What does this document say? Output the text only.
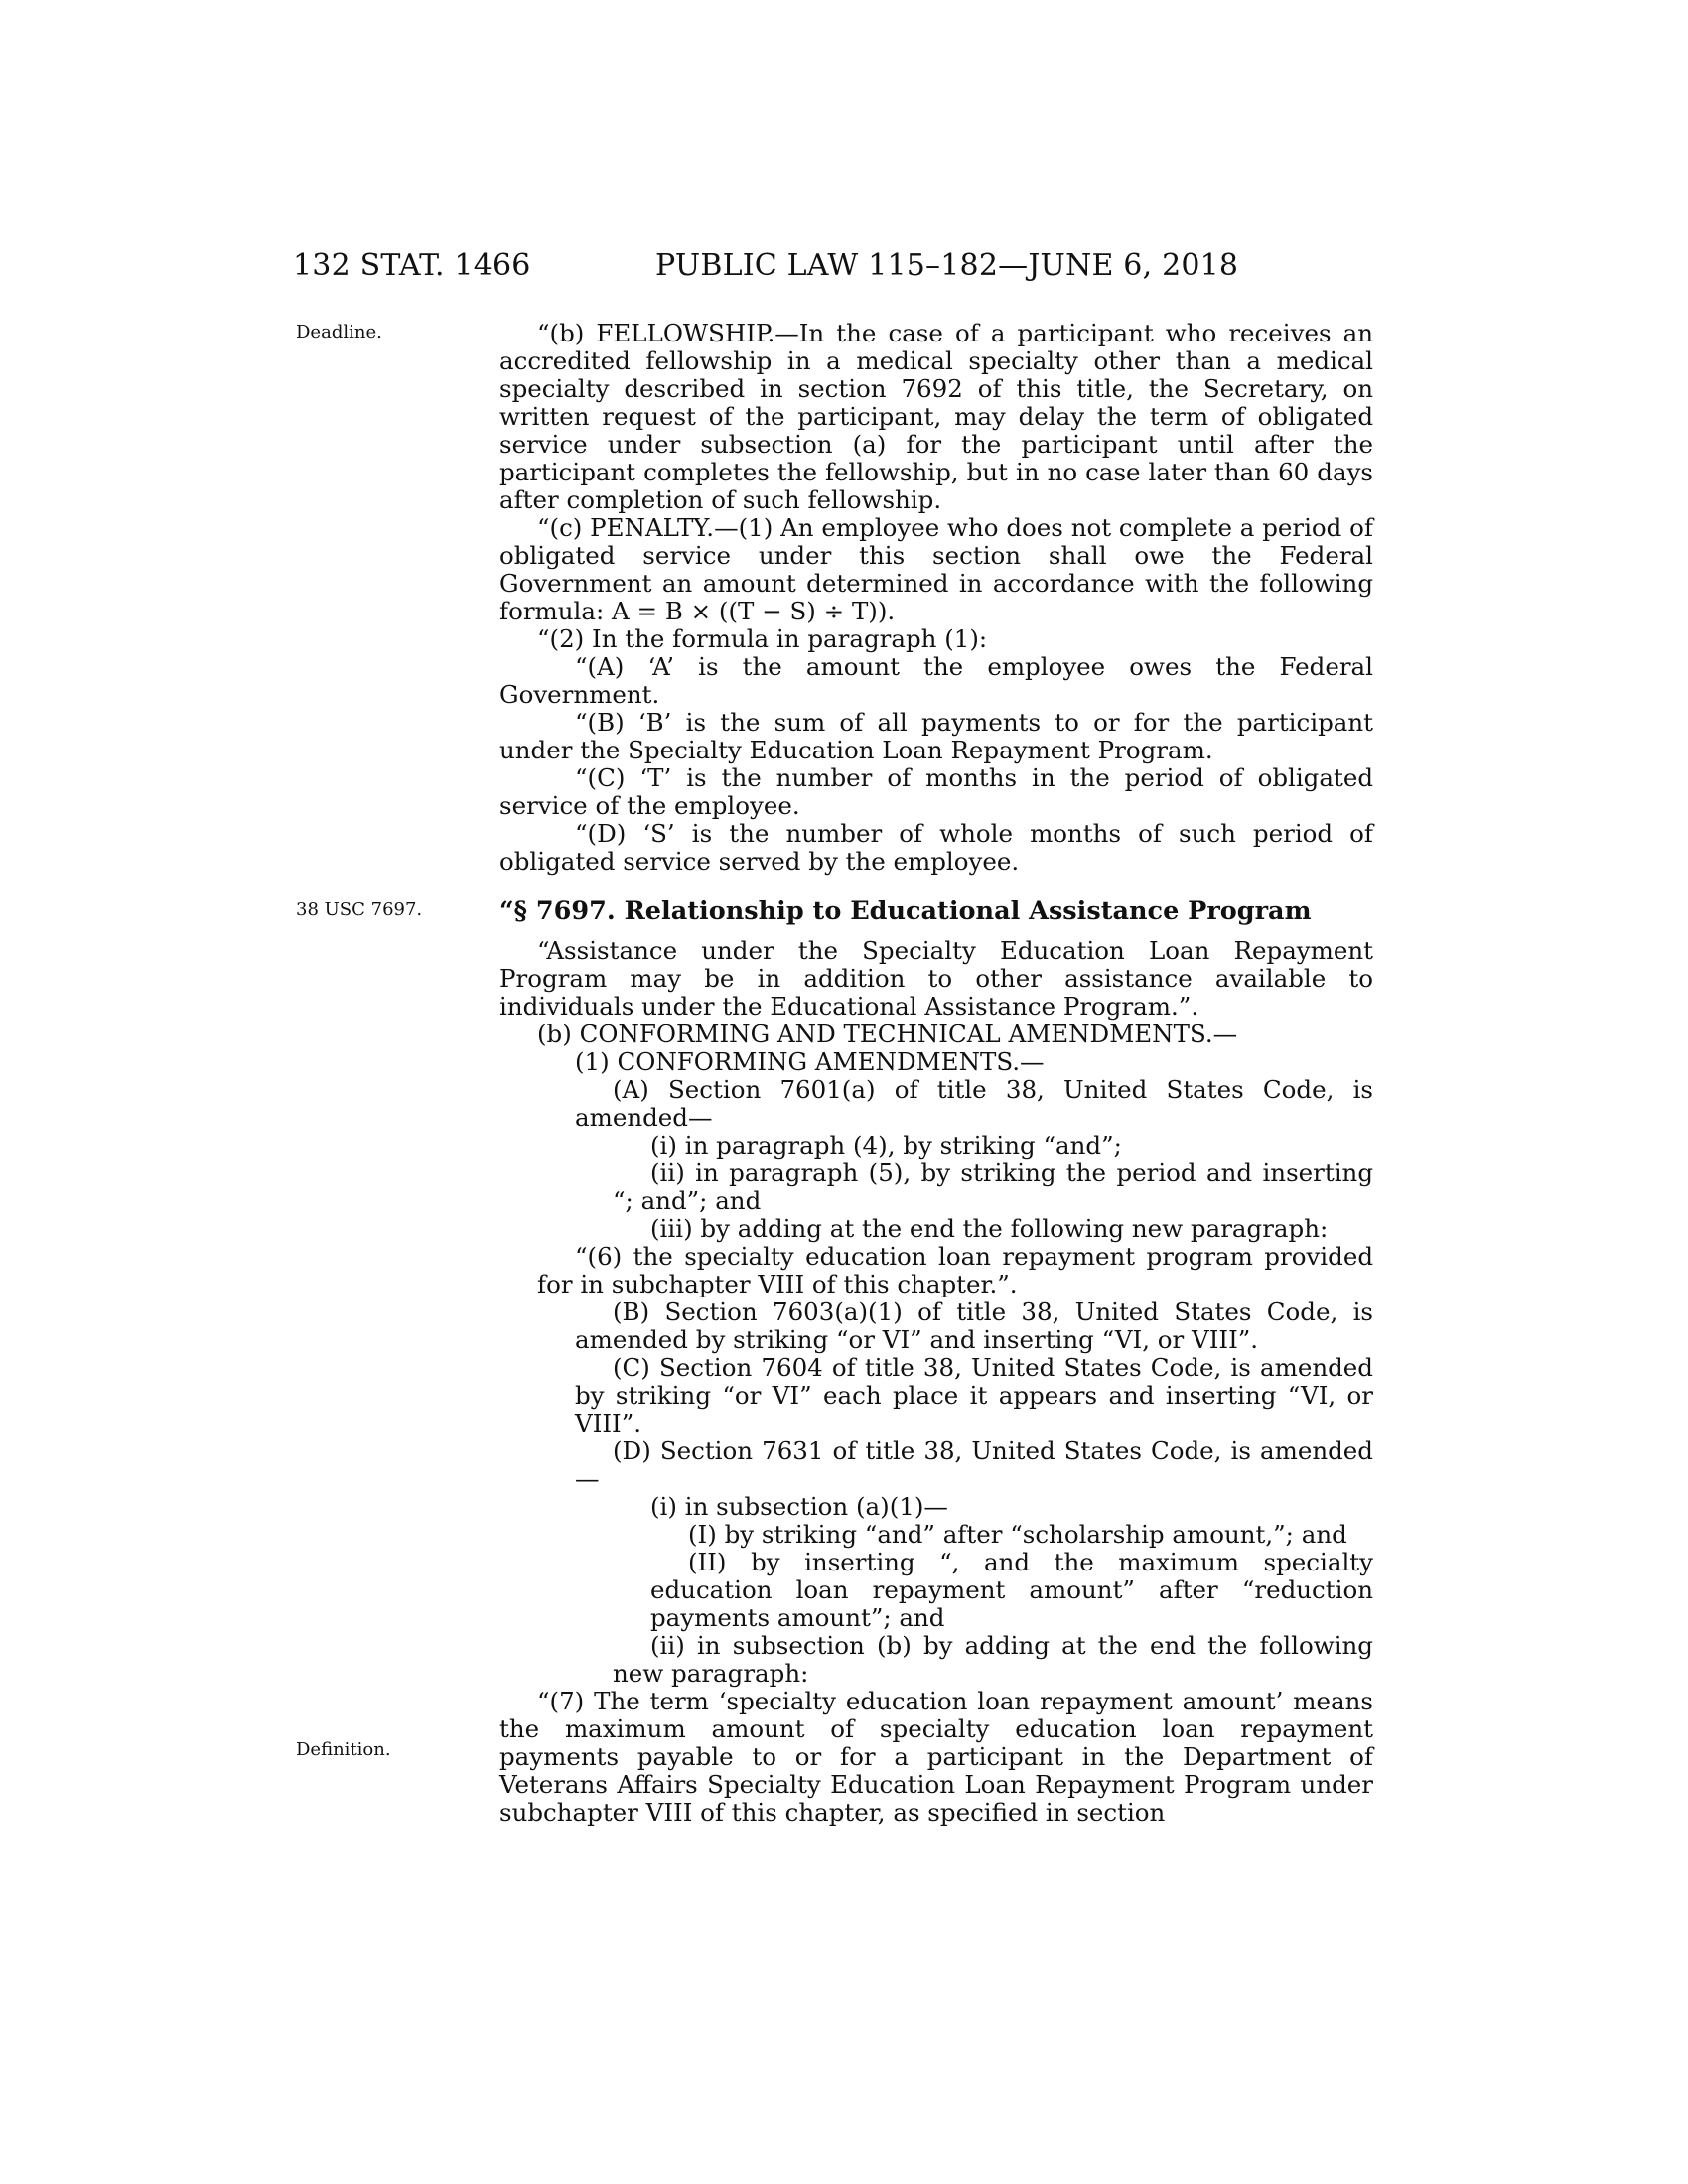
132 STAT. 1466	PUBLIC LAW 115–182—JUNE 6, 2018
Deadline.
38 USC 7697.
Definition.

“(b) FELLOWSHIP.—In the case of a participant who receives an accredited fellowship in a medical specialty other than a medical specialty described in section 7692 of this title, the Secretary, on written request of the participant, may delay the term of obligated service under subsection (a) for the participant until after the participant completes the fellowship, but in no case later than 60 days after completion of such fellowship.

“(c) PENALTY.—(1) An employee who does not complete a period of obligated service under this section shall owe the Federal Government an amount determined in accordance with the following formula: A = B × ((T − S) ÷ T)).

“(2) In the formula in paragraph (1):

“(A) ‘A’ is the amount the employee owes the Federal Government.

“(B) ‘B’ is the sum of all payments to or for the participant under the Specialty Education Loan Repayment Program.

“(C) ‘T’ is the number of months in the period of obligated service of the employee.

“(D) ‘S’ is the number of whole months of such period of obligated service served by the employee.

“§ 7697. Relationship to Educational Assistance Program

“Assistance under the Specialty Education Loan Repayment Program may be in addition to other assistance available to individuals under the Educational Assistance Program.”.

(b) CONFORMING AND TECHNICAL AMENDMENTS.—

(1) CONFORMING AMENDMENTS.—

(A) Section 7601(a) of title 38, United States Code, is amended—

(i) in paragraph (4), by striking “and”;

(ii) in paragraph (5), by striking the period and inserting “; and”; and

(iii) by adding at the end the following new paragraph:

“(6) the specialty education loan repayment program provided for in subchapter VIII of this chapter.”.

(B) Section 7603(a)(1) of title 38, United States Code, is amended by striking “or VI” and inserting “VI, or VIII”.

(C) Section 7604 of title 38, United States Code, is amended by striking “or VI” each place it appears and inserting “VI, or VIII”.

(D) Section 7631 of title 38, United States Code, is amended—

(i) in subsection (a)(1)—

(I) by striking “and” after “scholarship amount,”; and

(II) by inserting “, and the maximum specialty education loan repayment amount” after “reduction payments amount”; and

(ii) in subsection (b) by adding at the end the following new paragraph:

“(7) The term ‘specialty education loan repayment amount’ means the maximum amount of specialty education loan repayment payments payable to or for a participant in the Department of Veterans Affairs Specialty Education Loan Repayment Program under subchapter VIII of this chapter, as specified in section
